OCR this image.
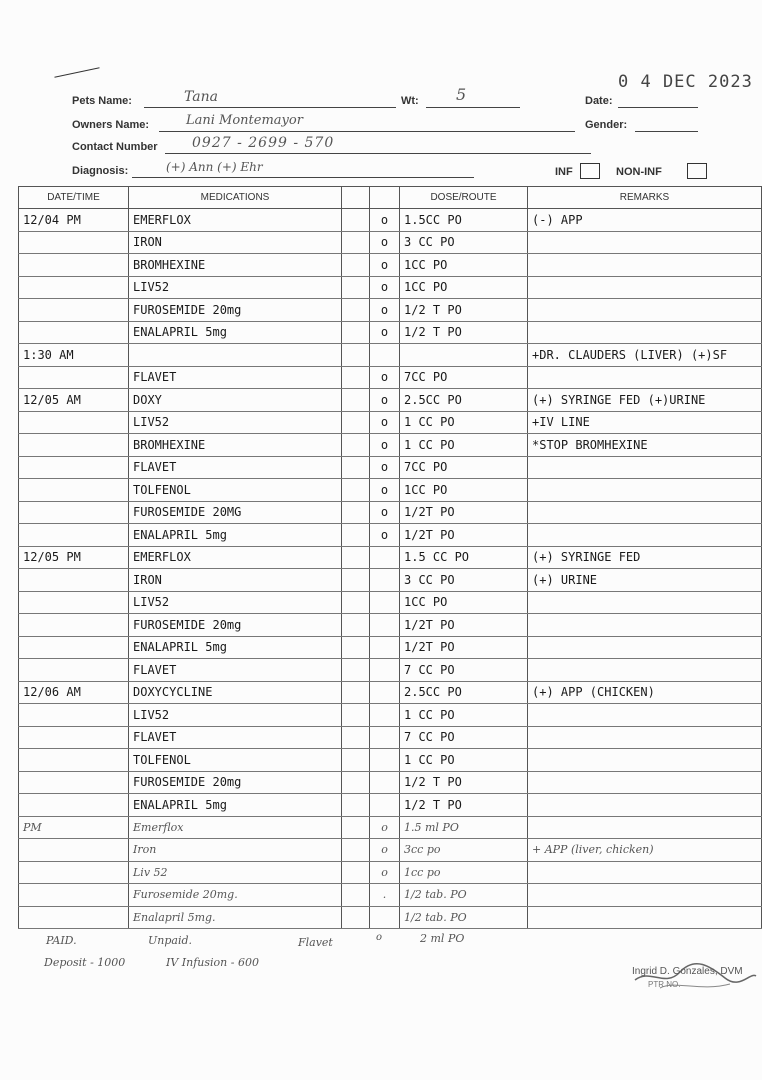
0 4 DEC 2023
Pets Name:	Tana	Wt: 5	Date:
Owners Name:	Lani Montemayor	Gender:
Contact Number 0927 - 2699 - 570
Diagnosis:	(+) Ann (+) Ehr	INF	NON-INF
DATE/TIME	MEDICATIONS			DOSE/ROUTE	REMARKS
12/04 PM	EMERFLOX		o	1.5CC PO	(-) APP
	IRON		o	3 CC PO	
	BROMHEXINE		o	1CC PO	
	LIV52		o	1CC PO	
	FUROSEMIDE 20mg		o	1/2 T PO	
	ENALAPRIL 5mg		o	1/2 T PO	
1:30 AM					+DR. CLAUDERS (LIVER) (+)SF
	FLAVET		o	7CC PO	
12/05 AM	DOXY		o	2.5CC PO	(+) SYRINGE FED (+)URINE
	LIV52		o	1 CC PO	+IV LINE
	BROMHEXINE		o	1 CC PO	*STOP BROMHEXINE
	FLAVET		o	7CC PO	
	TOLFENOL		o	1CC PO	
	FUROSEMIDE 20MG		o	1/2T PO	
	ENALAPRIL 5mg		o	1/2T PO	
12/05 PM	EMERFLOX			1.5 CC PO	(+) SYRINGE FED
	IRON			3 CC PO	(+) URINE
	LIV52			1CC PO	
	FUROSEMIDE 20mg			1/2T PO	
	ENALAPRIL 5mg			1/2T PO	
	FLAVET			7 CC PO	
12/06 AM	DOXYCYCLINE			2.5CC PO	(+) APP (CHICKEN)
	LIV52			1 CC PO	
	FLAVET			7 CC PO	
	TOLFENOL			1 CC PO	
	FUROSEMIDE 20mg			1/2 T PO	
	ENALAPRIL 5mg			1/2 T PO	
PM	Emerflox		o	1.5 ml PO	
	Iron		o	3cc po	+ APP (liver, chicken)
	Liv 52		o	1cc po	
	Furosemide 20mg.		.	1/2 tab. PO	
	Enalapril 5mg.			1/2 tab. PO	
PAID.	Unpaid.	Flavet	o	2 ml PO
Deposit - 1000	IV Infusion - 600
Ingrid D. Gonzales, DVM
PTR NO.
